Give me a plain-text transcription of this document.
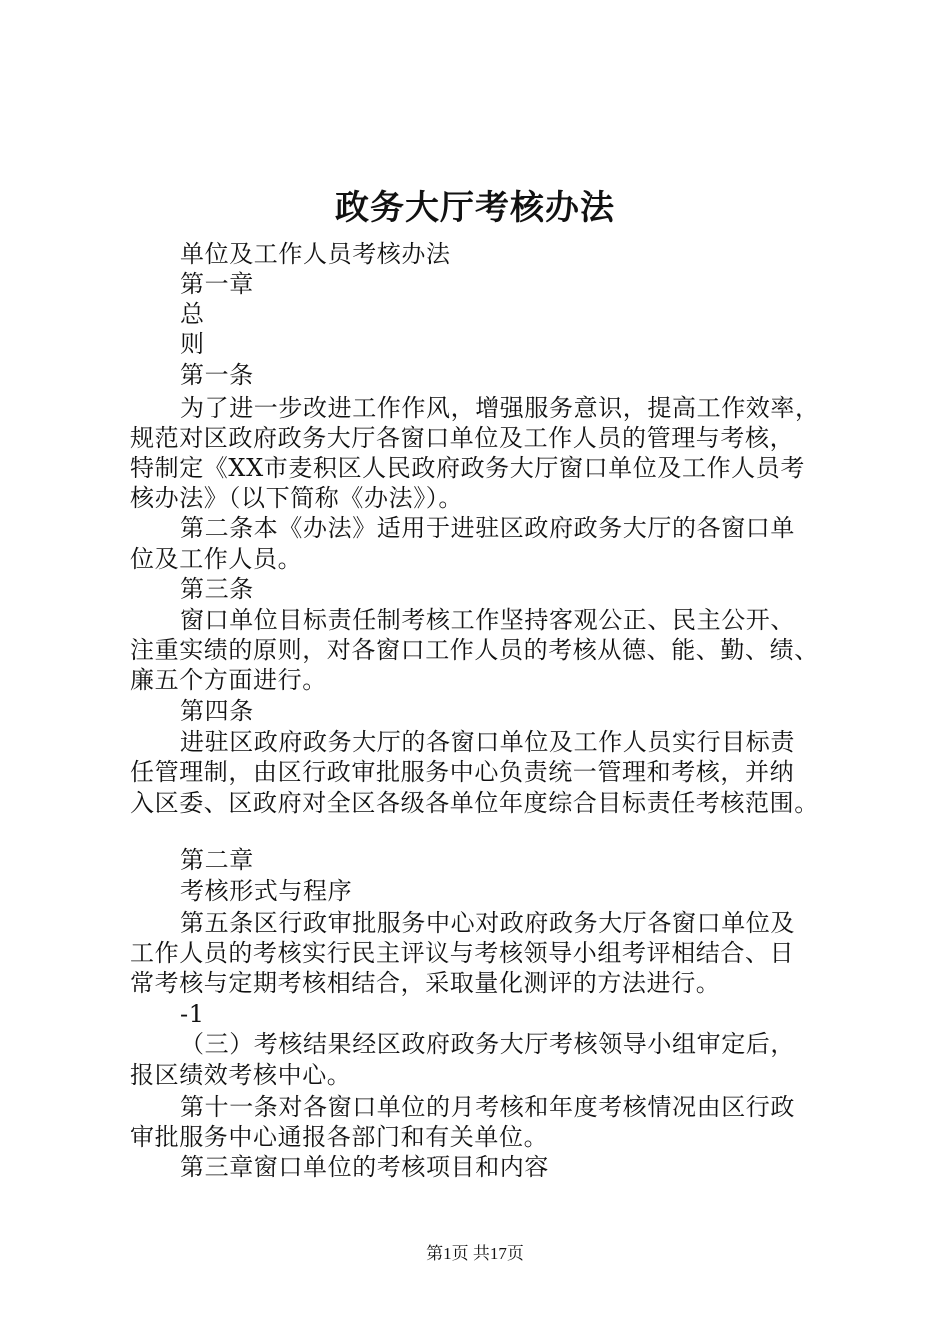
政务大厅考核办法
单位及工作人员考核办法
第一章
总
则
第一条
为了进一步改进工作作风，增强服务意识，提高工作效率，
规范对区政府政务大厅各窗口单位及工作人员的管理与考核，
特制定《XX市麦积区人民政府政务大厅窗口单位及工作人员考
核办法》（以下简称《办法》）。
第二条本《办法》适用于进驻区政府政务大厅的各窗口单
位及工作人员。
第三条
窗口单位目标责任制考核工作坚持客观公正、民主公开、
注重实绩的原则，对各窗口工作人员的考核从德、能、勤、绩、
廉五个方面进行。
第四条
进驻区政府政务大厅的各窗口单位及工作人员实行目标责
任管理制，由区行政审批服务中心负责统一管理和考核，并纳
入区委、区政府对全区各级各单位年度综合目标责任考核范围。
第二章
考核形式与程序
第五条区行政审批服务中心对政府政务大厅各窗口单位及
工作人员的考核实行民主评议与考核领导小组考评相结合、日
常考核与定期考核相结合，采取量化测评的方法进行。
-1
（三）考核结果经区政府政务大厅考核领导小组审定后，
报区绩效考核中心。
第十一条对各窗口单位的月考核和年度考核情况由区行政
审批服务中心通报各部门和有关单位。
第三章窗口单位的考核项目和内容
第1页 共17页
